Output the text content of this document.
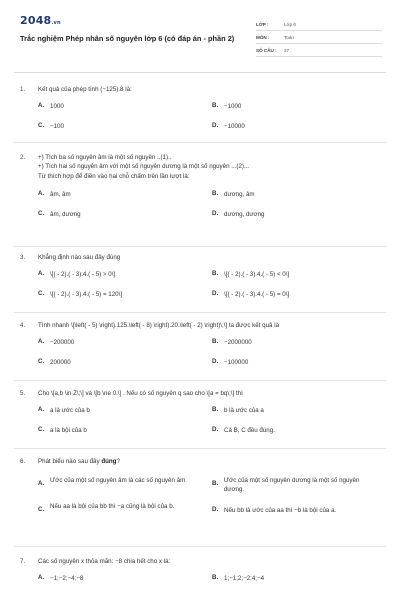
2048.vn
Trắc nghiệm Phép nhân số nguyên lớp 6 (có đáp án - phần 2)
LỚP :	Lớp 6
MÔN :	Toán
SỐ CÂU :	37
1.	Kết quả của phép tính (−125).8 là:
A. 1000	B. −1000
C. −100	D. −10000
2.	+) Tích ba số nguyên âm là một số nguyên ..(1)..
+) Tích hai số nguyên âm với một số nguyên dương là một số nguyên ...(2)...
Từ thích hợp để điền vào hai chỗ chấm trên lần lượt là:
A. âm, âm	B. dương, âm
C. âm, dương	D. dương, dương
3.	Khẳng định nào sau đây đúng
A. \[( - 2).( - 3).4.( - 5) > 0\]	B. \[( - 2).( - 3).4.( - 5) < 0\]
C. \[( - 2).( - 3).4.( - 5) = 120\]	D. \[( - 2).( - 3).4.( - 5) = 0\]
4.	Tính nhanh \[\left( - 5) \right).125.\left( - 8) \right).20.\left( - 2) \right)\;\] ta được kết quả là
A. −200000	B. −2000000
C. 200000	D. −100000
5.	Cho \[a,b \in Z\;\] và \[b \ne 0.\] . Nếu có số nguyên q sao cho \[a = bq\;\] thì
A. a là ước của b	B. b là ước của a
C. a là bội của b	D. Cả B, C đều đúng.
6.	Phát biểu nào sau đây đúng?
A. Ước của một số nguyên âm là các số nguyên âm	B. Ước của một số nguyên dương là một số nguyên dương.
C. Nếu aa là bội của bb thì −a cũng là bội của b.	D. Nếu bb là ước của aa thì −b là bội của a.
7.	Các số nguyên x thỏa mãn: −8 chia hết cho x là:
A. −1;−2;−4;−8	B. 1;−1;2;−2;4;−4
